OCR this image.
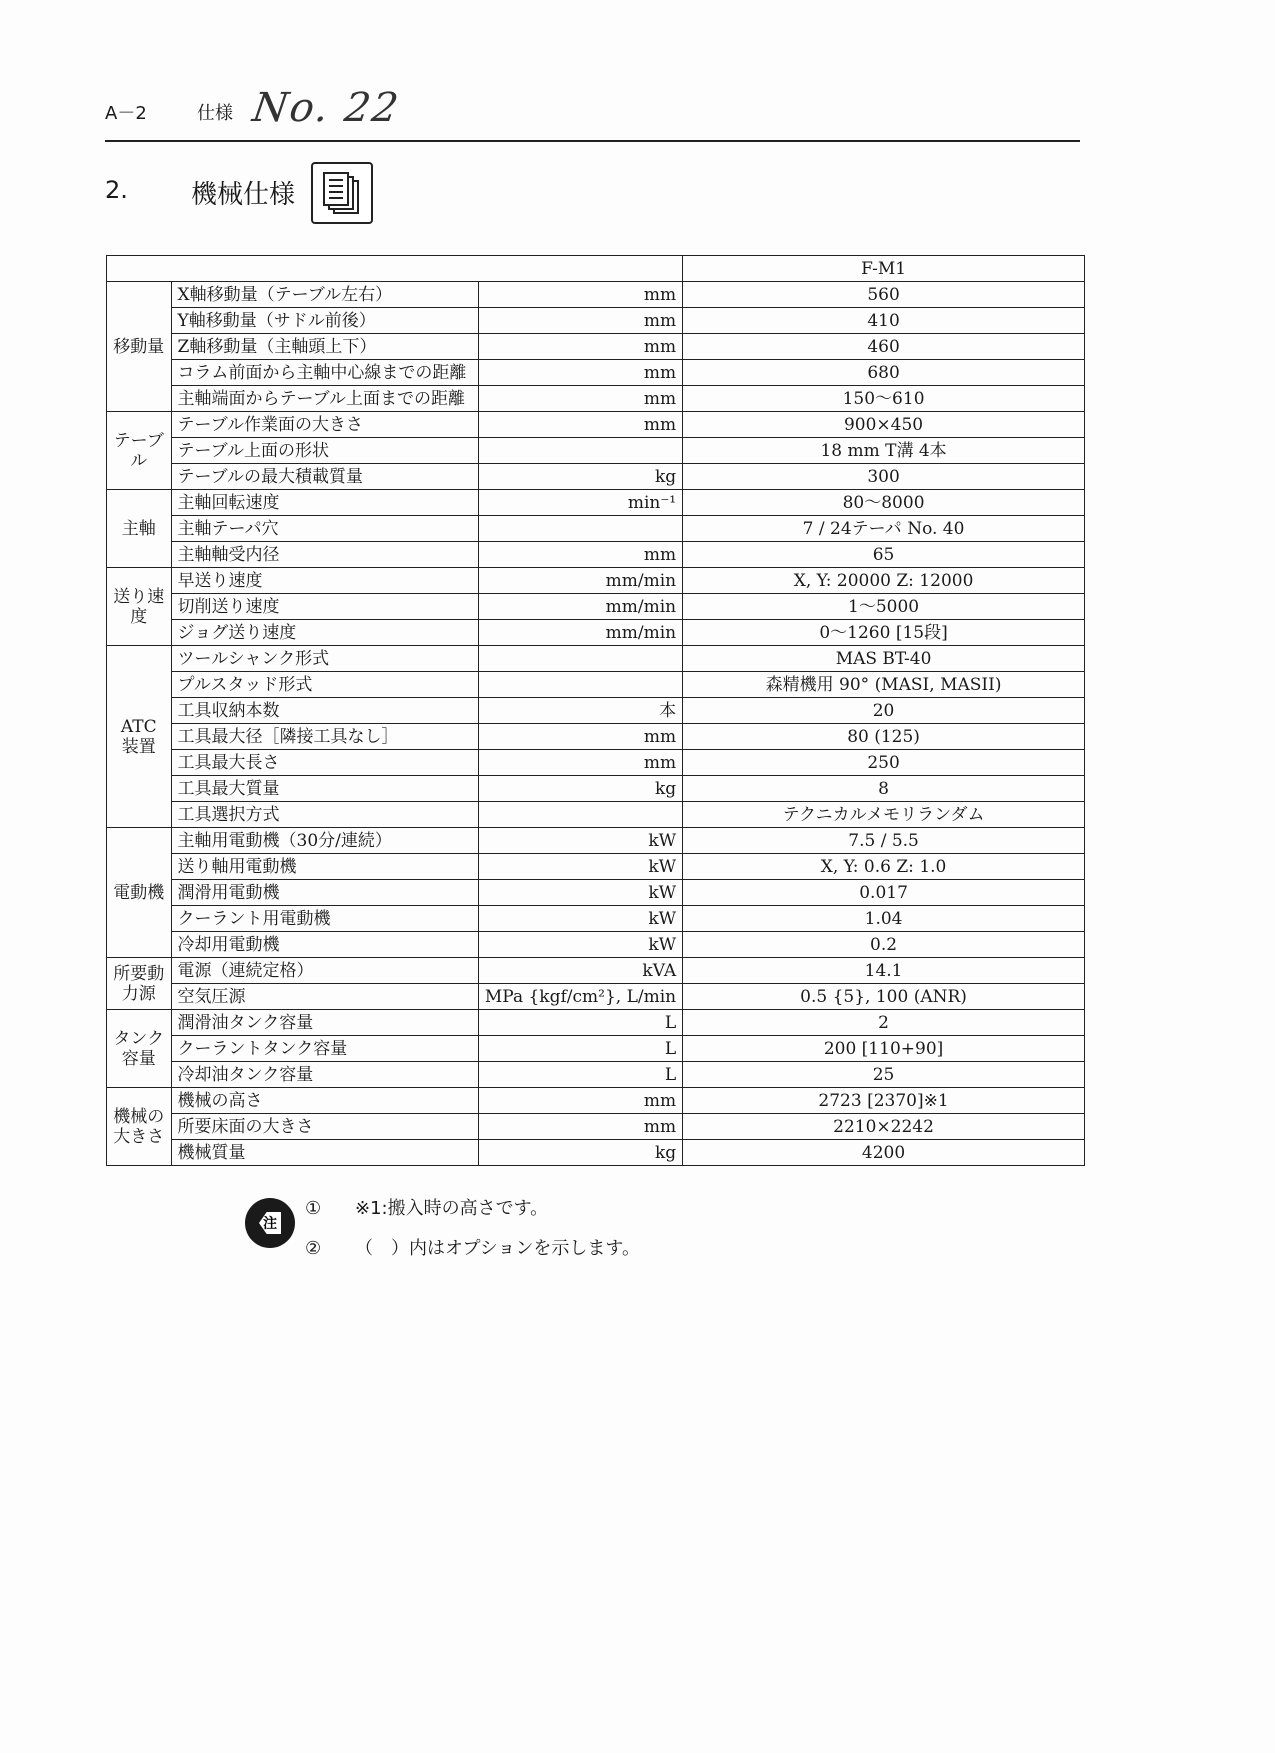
A－2	仕様 No. 22
2. 機械仕様
			F-M1
移動量	X軸移動量（テーブル左右）	mm	560
	Y軸移動量（サドル前後）	mm	410
	Z軸移動量（主軸頭上下）	mm	460
	コラム前面から主軸中心線までの距離	mm	680
	主軸端面からテーブル上面までの距離	mm	150～610
テーブル	テーブル作業面の大きさ	mm	900×450
	テーブル上面の形状		18 mm T溝 4本
	テーブルの最大積載質量	kg	300
主軸	主軸回転速度	min⁻¹	80～8000
	主軸テーパ穴		7 / 24テーパ No. 40
	主軸軸受内径	mm	65
送り速度	早送り速度	mm/min	X, Y: 20000 Z: 12000
	切削送り速度	mm/min	1～5000
	ジョグ送り速度	mm/min	0～1260 [15段]
ATC装置	ツールシャンク形式		MAS BT-40
	プルスタッド形式		森精機用 90° (MASI, MASII)
	工具収納本数	本	20
	工具最大径［隣接工具なし］	mm	80 (125)
	工具最大長さ	mm	250
	工具最大質量	kg	8
	工具選択方式		テクニカルメモリランダム
電動機	主軸用電動機（30分/連続）	kW	7.5 / 5.5
	送り軸用電動機	kW	X, Y: 0.6 Z: 1.0
	潤滑用電動機	kW	0.017
	クーラント用電動機	kW	1.04
	冷却用電動機	kW	0.2
所要動力源	電源（連続定格）	kVA	14.1
	空気圧源	MPa {kgf/cm²}, L/min	0.5 {5}, 100 (ANR)
タンク容量	潤滑油タンク容量	L	2
	クーラントタンク容量	L	200 [110+90]
	冷却油タンク容量	L	25
機械の大きさ	機械の高さ	mm	2723 [2370]※1
	所要床面の大きさ	mm	2210×2242
	機械質量	kg	4200
注
① ※1:搬入時の高さです。
② （　）内はオプションを示します。
